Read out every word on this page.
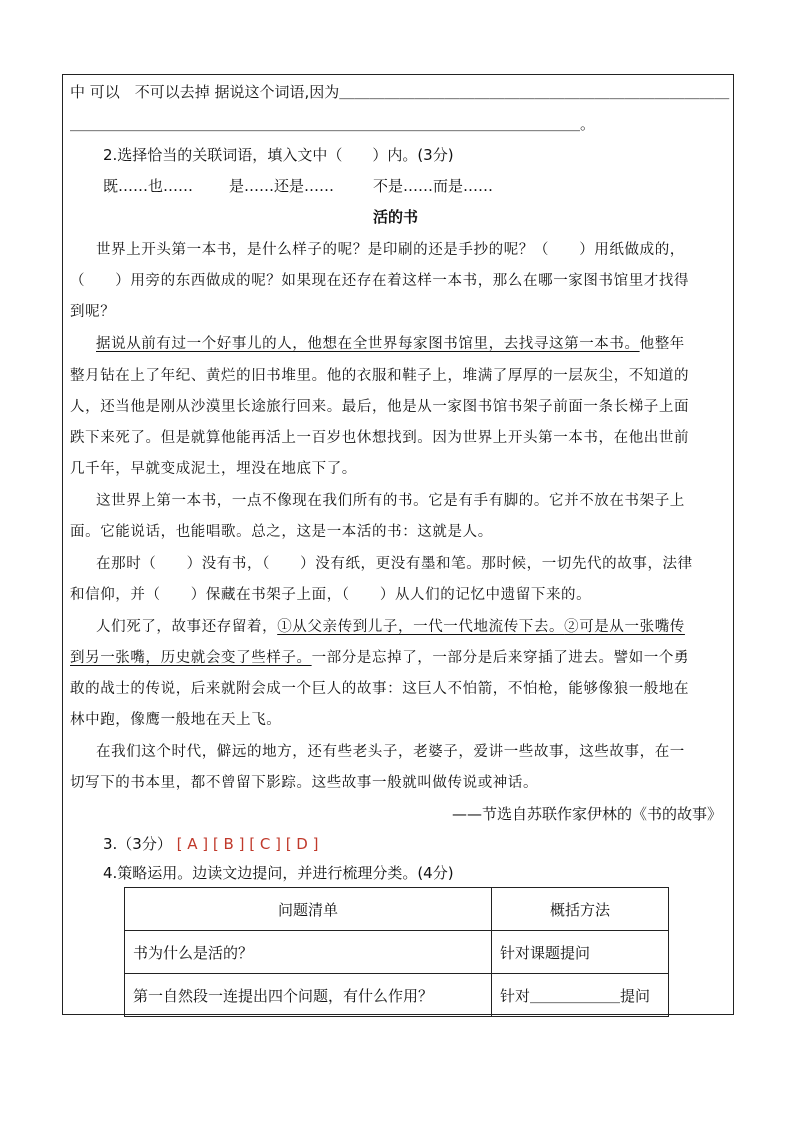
中 可以　不可以去掉 据说这个词语,因为＿＿＿＿＿＿＿＿＿＿＿＿＿＿＿＿＿＿＿＿＿＿＿＿＿＿
＿＿＿＿＿＿＿＿＿＿＿＿＿＿＿＿＿＿＿＿＿＿＿＿＿＿＿＿＿＿＿＿＿＿。
2.选择恰当的关联词语，填入文中（　　）内。(3分)
既……也…… 是……还是……	不是……而是……
活的书
世界上开头第一本书，是什么样子的呢？是印刷的还是手抄的呢？（　　）用纸做成的，
（　　）用旁的东西做成的呢？如果现在还存在着这样一本书，那么在哪一家图书馆里才找得
到呢？
据说从前有过一个好事儿的人，他想在全世界每家图书馆里，去找寻这第一本书。他整年
整月钻在上了年纪、黄烂的旧书堆里。他的衣服和鞋子上，堆满了厚厚的一层灰尘，不知道的
人，还当他是刚从沙漠里长途旅行回来。最后，他是从一家图书馆书架子前面一条长梯子上面
跌下来死了。但是就算他能再活上一百岁也休想找到。因为世界上开头第一本书，在他出世前
几千年，早就变成泥土，埋没在地底下了。
这世界上第一本书，一点不像现在我们所有的书。它是有手有脚的。它并不放在书架子上
面。它能说话，也能唱歌。总之，这是一本活的书：这就是人。
在那时（　　）没有书，（　　）没有纸，更没有墨和笔。那时候，一切先代的故事，法律
和信仰，并（　　）保藏在书架子上面，（　　）从人们的记忆中遗留下来的。
人们死了，故事还存留着，①从父亲传到儿子，一代一代地流传下去。②可是从一张嘴传
到另一张嘴，历史就会变了些样子。一部分是忘掉了，一部分是后来穿插了进去。譬如一个勇
敢的战士的传说，后来就附会成一个巨人的故事：这巨人不怕箭，不怕枪，能够像狼一般地在
林中跑，像鹰一般地在天上飞。
在我们这个时代，僻远的地方，还有些老头子，老婆子，爱讲一些故事，这些故事，在一
切写下的书本里，都不曾留下影踪。这些故事一般就叫做传说或神话。
——节选自苏联作家伊林的《书的故事》
3.（3分） [ A ] [ B ] [ C ] [ D ]
4.策略运用。边读文边提问，并进行梳理分类。(4分)
问题清单	概括方法
书为什么是活的？	针对课题提问
第一自然段一连提出四个问题，有什么作用？	针对＿＿＿＿＿＿提问
